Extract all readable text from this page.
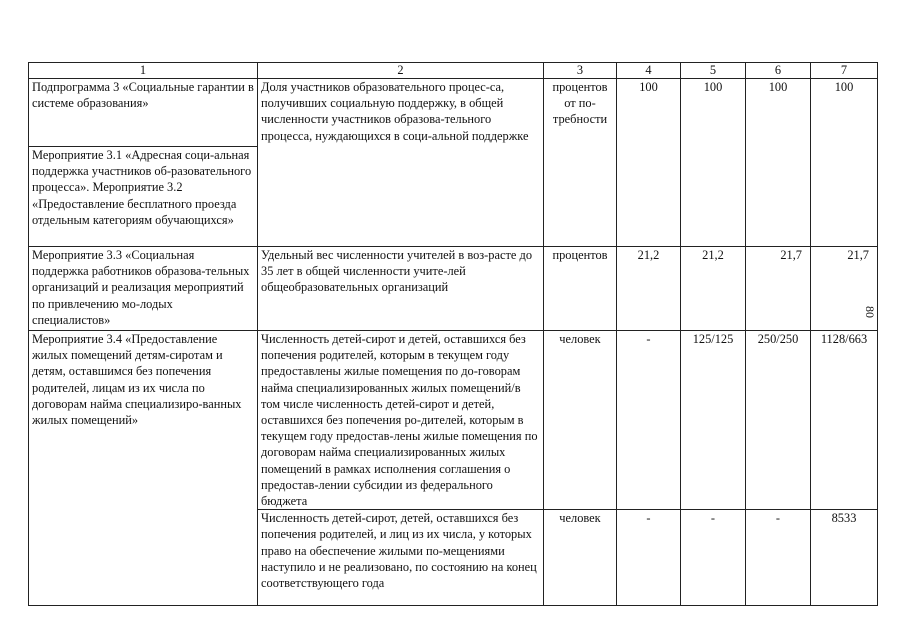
1	2	3	4	5	6	7
Подпрограмма 3 «Социальные гарантии в системе образования»	Доля участников образовательного процес-са, получивших социальную поддержку, в общей численности участников образова-тельного процесса, нуждающихся в соци-альной поддержке	процентов от по-требности	100	100	100	100
Мероприятие 3.1 «Адресная соци-альная поддержка участников об-разовательного процесса». Мероприятие 3.2 «Предоставление бесплатного проезда отдельным категориям обучающихся»						
Мероприятие 3.3 «Социальная поддержка работников образова-тельных организаций и реализация мероприятий по привлечению мо-лодых специалистов»	Удельный вес численности учителей в воз-расте до 35 лет в общей численности учите-лей общеобразовательных организаций	процентов	21,2	21,2	21,7	21,7
Мероприятие 3.4 «Предоставление жилых помещений детям-сиротам и детям, оставшимся без попечения родителей, лицам из их числа по договорам найма специализиро-ванных жилых помещений»	Численность детей-сирот и детей, оставшихся без попечения родителей, которым в текущем году предоставлены жилые помещения по до-говорам найма специализированных жилых помещений/в том числе численность детей-сирот и детей, оставшихся без попечения ро-дителей, которым в текущем году предостав-лены жилые помещения по договорам найма специализированных жилых помещений в рамках исполнения соглашения о предостав-лении субсидии из федерального бюджета	человек	-	125/125	250/250	1128/663
	Численность детей-сирот, детей, оставшихся без попечения родителей, и лиц из их числа, у которых право на обеспечение жилыми по-мещениями наступило и не реализовано, по состоянию на конец соответствующего года	человек	-	-	-	8533
80
